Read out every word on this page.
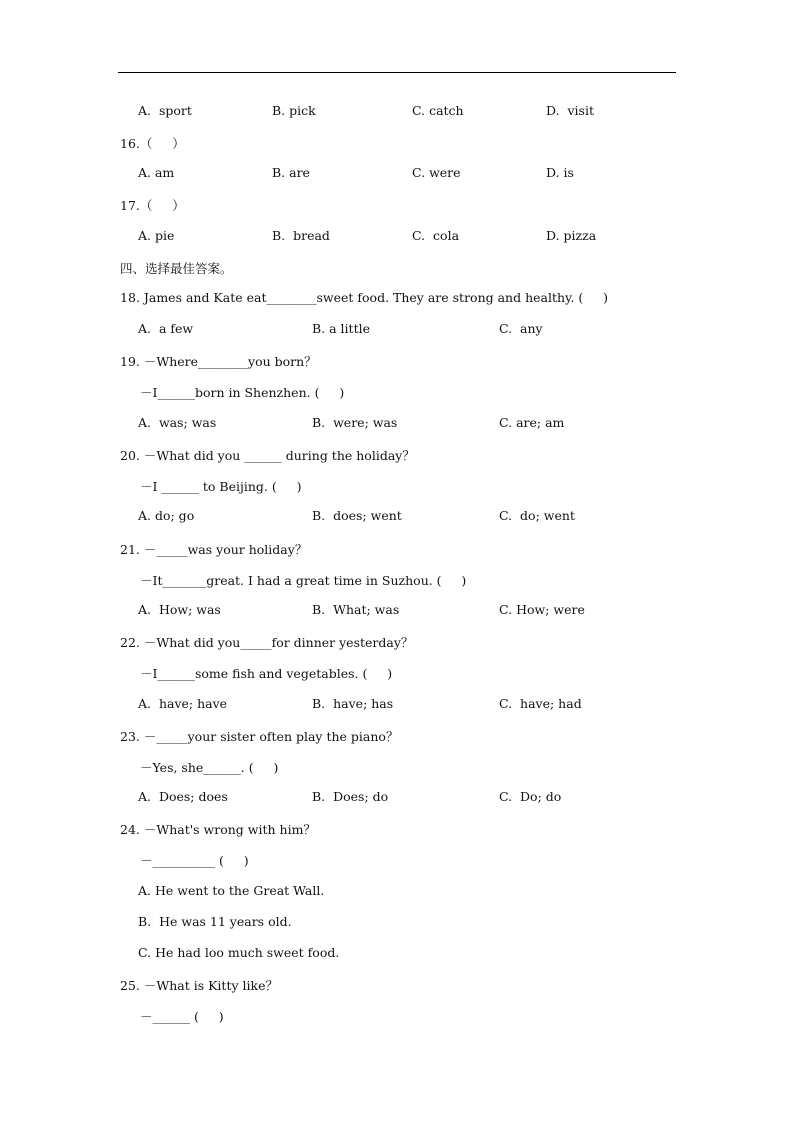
A.  sport	B. pick	C. catch	D.  visit
16.（     ）
A. am	B. are	C. were	D. is
17.（     ）
A. pie	B.  bread	C.  cola	D. pizza
四、选择最佳答案。
18. James and Kate eat________sweet food. They are strong and healthy. (     )
A.  a few	B. a little	C.  any
19. －Where________you born？
－I______born in Shenzhen. (     )
A.  was; was	B.  were; was	C. are; am
20. －What did you ______ during the holiday？
－I ______ to Beijing. (     )
A. do; go	B.  does; went	C.  do; went
21. －_____was your holiday？
－It_______great. I had a great time in Suzhou. (     )
A.  How; was	B.  What; was	C. How; were
22. －What did you_____for dinner yesterday？
－I______some fish and vegetables. (     )
A.  have; have	B.  have; has	C.  have; had
23. －_____your sister often play the piano？
－Yes, she______. (     )
A.  Does; does	B.  Does; do	C.  Do; do
24. －What's wrong with him？
－__________ (     )
A. He went to the Great Wall.
B.  He was 11 years old.
C. He had loo much sweet food.
25. －What is Kitty like？
－______ (     )
